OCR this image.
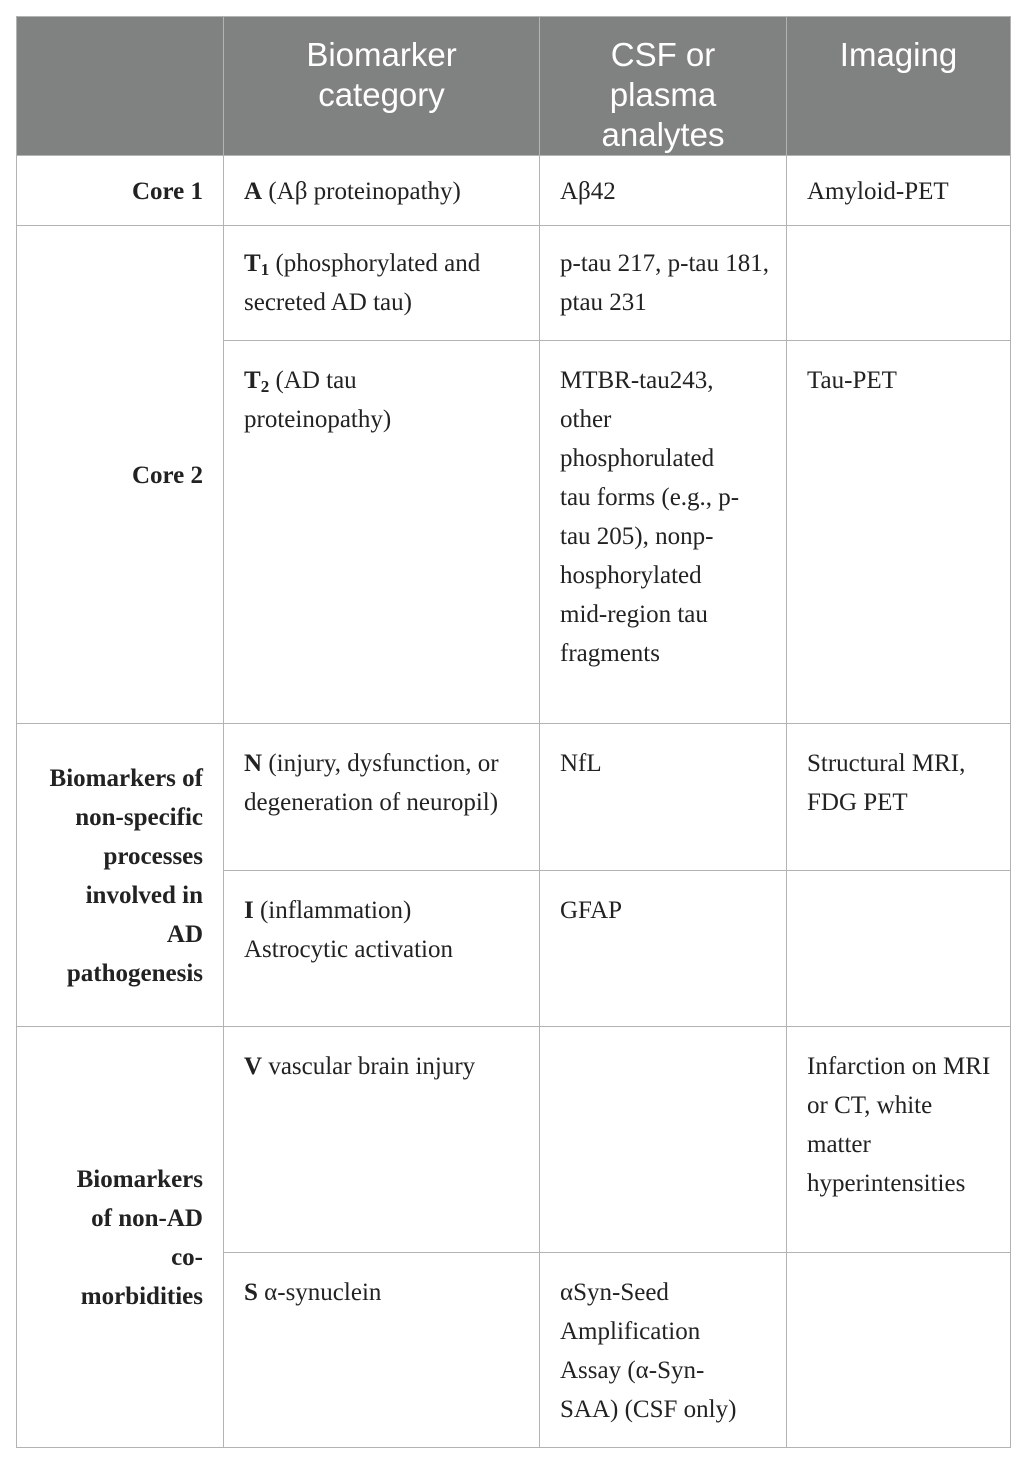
	Biomarker category	CSF or plasma analytes	Imaging
Core 1	A (Aβ proteinopathy)	Aβ42	Amyloid-PET
Core 2	$T_1$ (phosphorylated and secreted AD tau)	p-tau 217, p-tau 181, ptau 231	
	$T_2$ (AD tau proteinopathy)	MTBR-tau243, other phosphorulated tau forms (e.g., p-tau 205), nonp-hosphorylated mid-region tau fragments	Tau-PET
Biomarkers of non-specific processes involved in AD pathogenesis	N (injury, dysfunction, or degeneration of neuropil)	NfL	Structural MRI, FDG PET
	I (inflammation) Astrocytic activation	GFAP	
Biomarkers of non-AD co-morbidities	V vascular brain injury		Infarction on MRI or CT, white matter hyperintensities
	S α-synuclein	αSyn-Seed Amplification Assay (α-Syn-SAA) (CSF only)	
